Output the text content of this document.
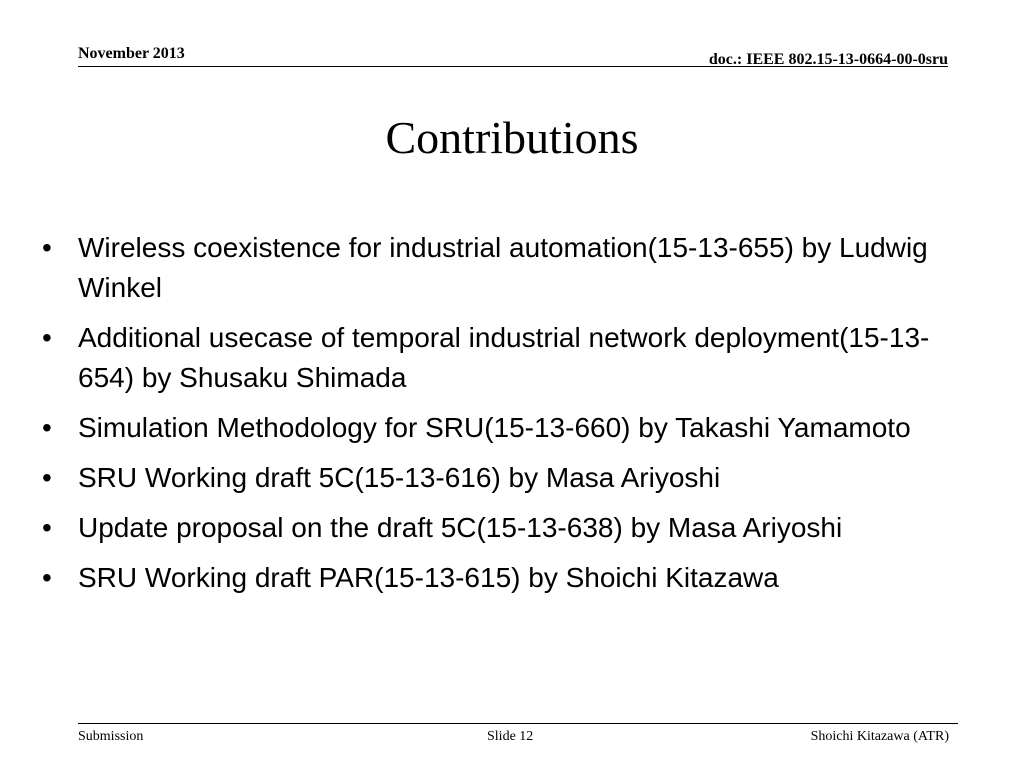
November 2013	doc.: IEEE 802.15-13-0664-00-0sru
Contributions
• Wireless coexistence for industrial automation(15-13-655) by Ludwig Winkel
• Additional usecase of temporal industrial network deployment(15-13-654) by Shusaku Shimada
• Simulation Methodology for SRU(15-13-660) by Takashi Yamamoto
• SRU Working draft 5C(15-13-616) by Masa Ariyoshi
• Update proposal on the draft 5C(15-13-638) by Masa Ariyoshi
• SRU Working draft PAR(15-13-615) by Shoichi Kitazawa
Submission	Slide 12	Shoichi Kitazawa (ATR)
